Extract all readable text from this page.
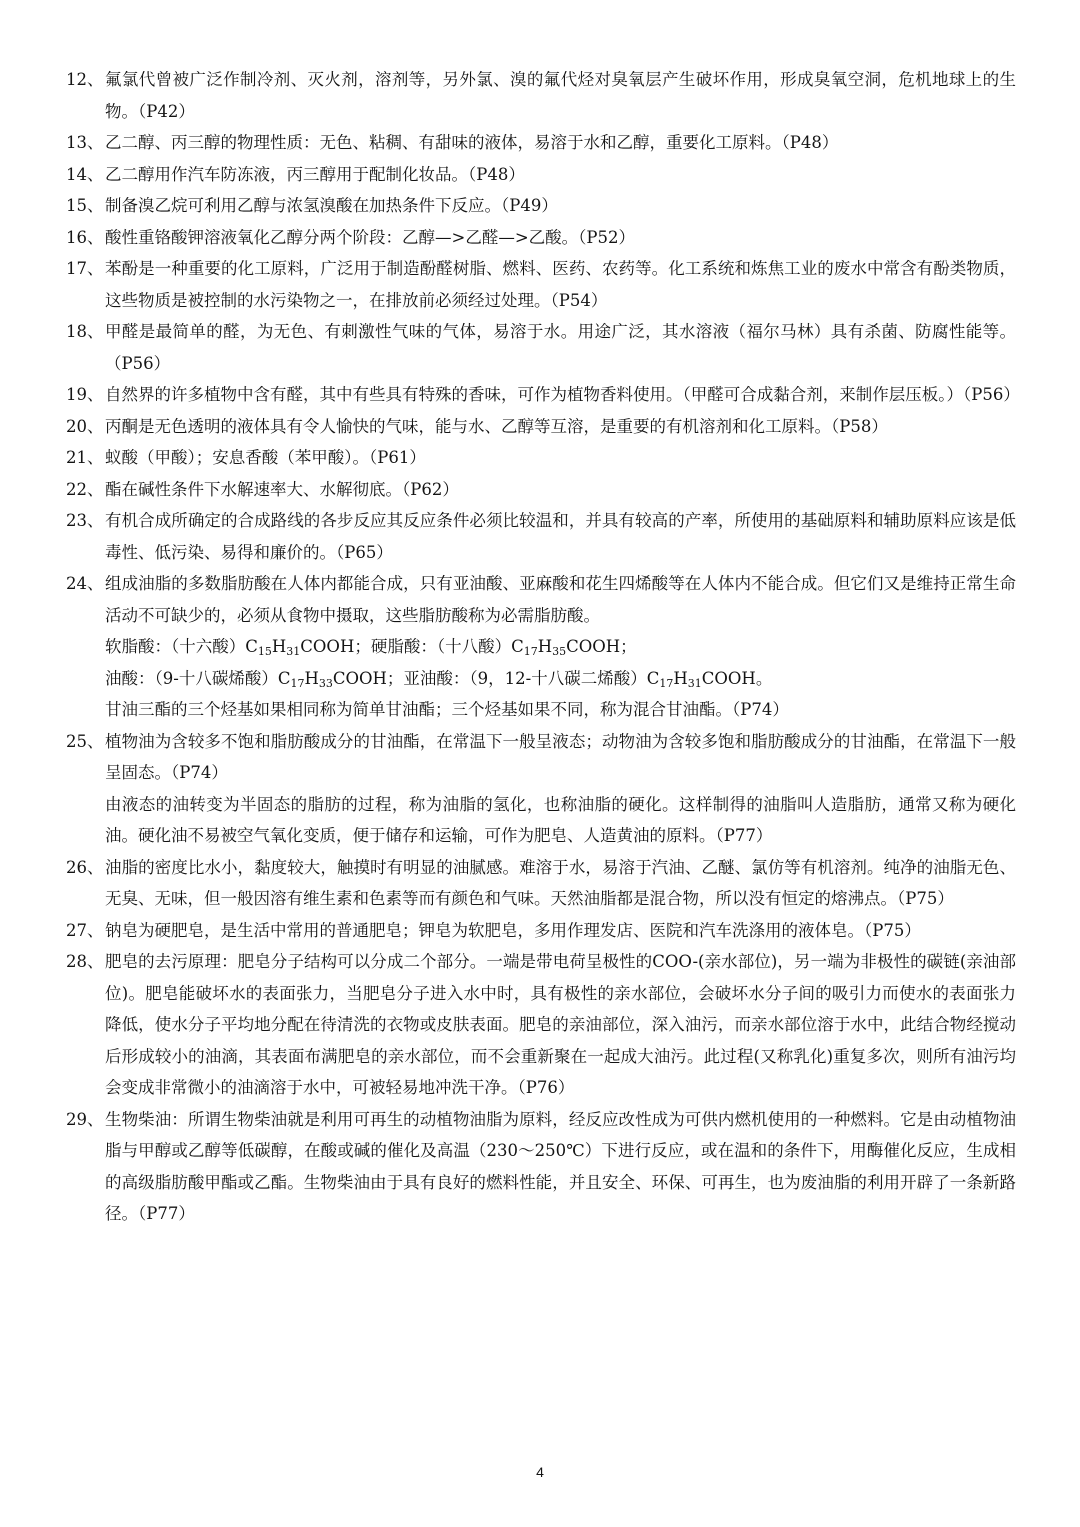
12、 氟氯代曾被广泛作制冷剂、灭火剂，溶剂等，另外氯、溴的氟代烃对臭氧层产生破坏作用，形成臭氧空洞，危机地球上的生物。（P42）

13、 乙二醇、丙三醇的物理性质：无色、粘稠、有甜味的液体，易溶于水和乙醇，重要化工原料。（P48）

14、 乙二醇用作汽车防冻液，丙三醇用于配制化妆品。（P48）

15、 制备溴乙烷可利用乙醇与浓氢溴酸在加热条件下反应。（P49）

16、 酸性重铬酸钾溶液氧化乙醇分两个阶段：乙醇—>乙醛—>乙酸。（P52）

17、 苯酚是一种重要的化工原料，广泛用于制造酚醛树脂、燃料、医药、农药等。化工系统和炼焦工业的废水中常含有酚类物质，这些物质是被控制的水污染物之一，在排放前必须经过处理。（P54）

18、 甲醛是最简单的醛，为无色、有刺激性气味的气体，易溶于水。用途广泛，其水溶液（福尔马林）具有杀菌、防腐性能等。（P56）

19、 自然界的许多植物中含有醛，其中有些具有特殊的香味，可作为植物香料使用。（甲醛可合成黏合剂，来制作层压板。）（P56）

20、 丙酮是无色透明的液体具有令人愉快的气味，能与水、乙醇等互溶，是重要的有机溶剂和化工原料。（P58）

21、 蚁酸（甲酸）；安息香酸（苯甲酸）。（P61）

22、 酯在碱性条件下水解速率大、水解彻底。（P62）

23、 有机合成所确定的合成路线的各步反应其反应条件必须比较温和，并具有较高的产率，所使用的基础原料和辅助原料应该是低毒性、低污染、易得和廉价的。（P65）

24、 组成油脂的多数脂肪酸在人体内都能合成，只有亚油酸、亚麻酸和花生四烯酸等在人体内不能合成。但它们又是维持正常生命活动不可缺少的，必须从食物中摄取，这些脂肪酸称为必需脂肪酸。

软脂酸：（十六酸）$C_{15}H_{31}COOH$；硬脂酸：（十八酸）$C_{17}H_{35}COOH$；

油酸：（9-十八碳烯酸）$C_{17}H_{33}COOH$；亚油酸：（9，12-十八碳二烯酸）$C_{17}H_{31}COOH$。

甘油三酯的三个烃基如果相同称为简单甘油酯；三个烃基如果不同，称为混合甘油酯。（P74）

25、 植物油为含较多不饱和脂肪酸成分的甘油酯，在常温下一般呈液态；动物油为含较多饱和脂肪酸成分的甘油酯，在常温下一般呈固态。（P74）

由液态的油转变为半固态的脂肪的过程，称为油脂的氢化，也称油脂的硬化。这样制得的油脂叫人造脂肪，通常又称为硬化油。硬化油不易被空气氧化变质，便于储存和运输，可作为肥皂、人造黄油的原料。（P77）

26、 油脂的密度比水小，黏度较大，触摸时有明显的油腻感。难溶于水，易溶于汽油、乙醚、氯仿等有机溶剂。纯净的油脂无色、无臭、无味，但一般因溶有维生素和色素等而有颜色和气味。天然油脂都是混合物，所以没有恒定的熔沸点。（P75）

27、 钠皂为硬肥皂，是生活中常用的普通肥皂；钾皂为软肥皂，多用作理发店、医院和汽车洗涤用的液体皂。（P75）

28、 肥皂的去污原理：肥皂分子结构可以分成二个部分。一端是带电荷呈极性的COO-(亲水部位)，另一端为非极性的碳链(亲油部位)。肥皂能破坏水的表面张力，当肥皂分子进入水中时，具有极性的亲水部位，会破坏水分子间的吸引力而使水的表面张力降低，使水分子平均地分配在待清洗的衣物或皮肤表面。肥皂的亲油部位，深入油污，而亲水部位溶于水中，此结合物经搅动后形成较小的油滴，其表面布满肥皂的亲水部位，而不会重新聚在一起成大油污。此过程(又称乳化)重复多次，则所有油污均会变成非常微小的油滴溶于水中，可被轻易地冲洗干净。（P76）

29、 生物柴油：所谓生物柴油就是利用可再生的动植物油脂为原料，经反应改性成为可供内燃机使用的一种燃料。它是由动植物油脂与甲醇或乙醇等低碳醇，在酸或碱的催化及高温（230～250℃）下进行反应，或在温和的条件下，用酶催化反应，生成相的高级脂肪酸甲酯或乙酯。生物柴油由于具有良好的燃料性能，并且安全、环保、可再生，也为废油脂的利用开辟了一条新路径。（P77）

4
